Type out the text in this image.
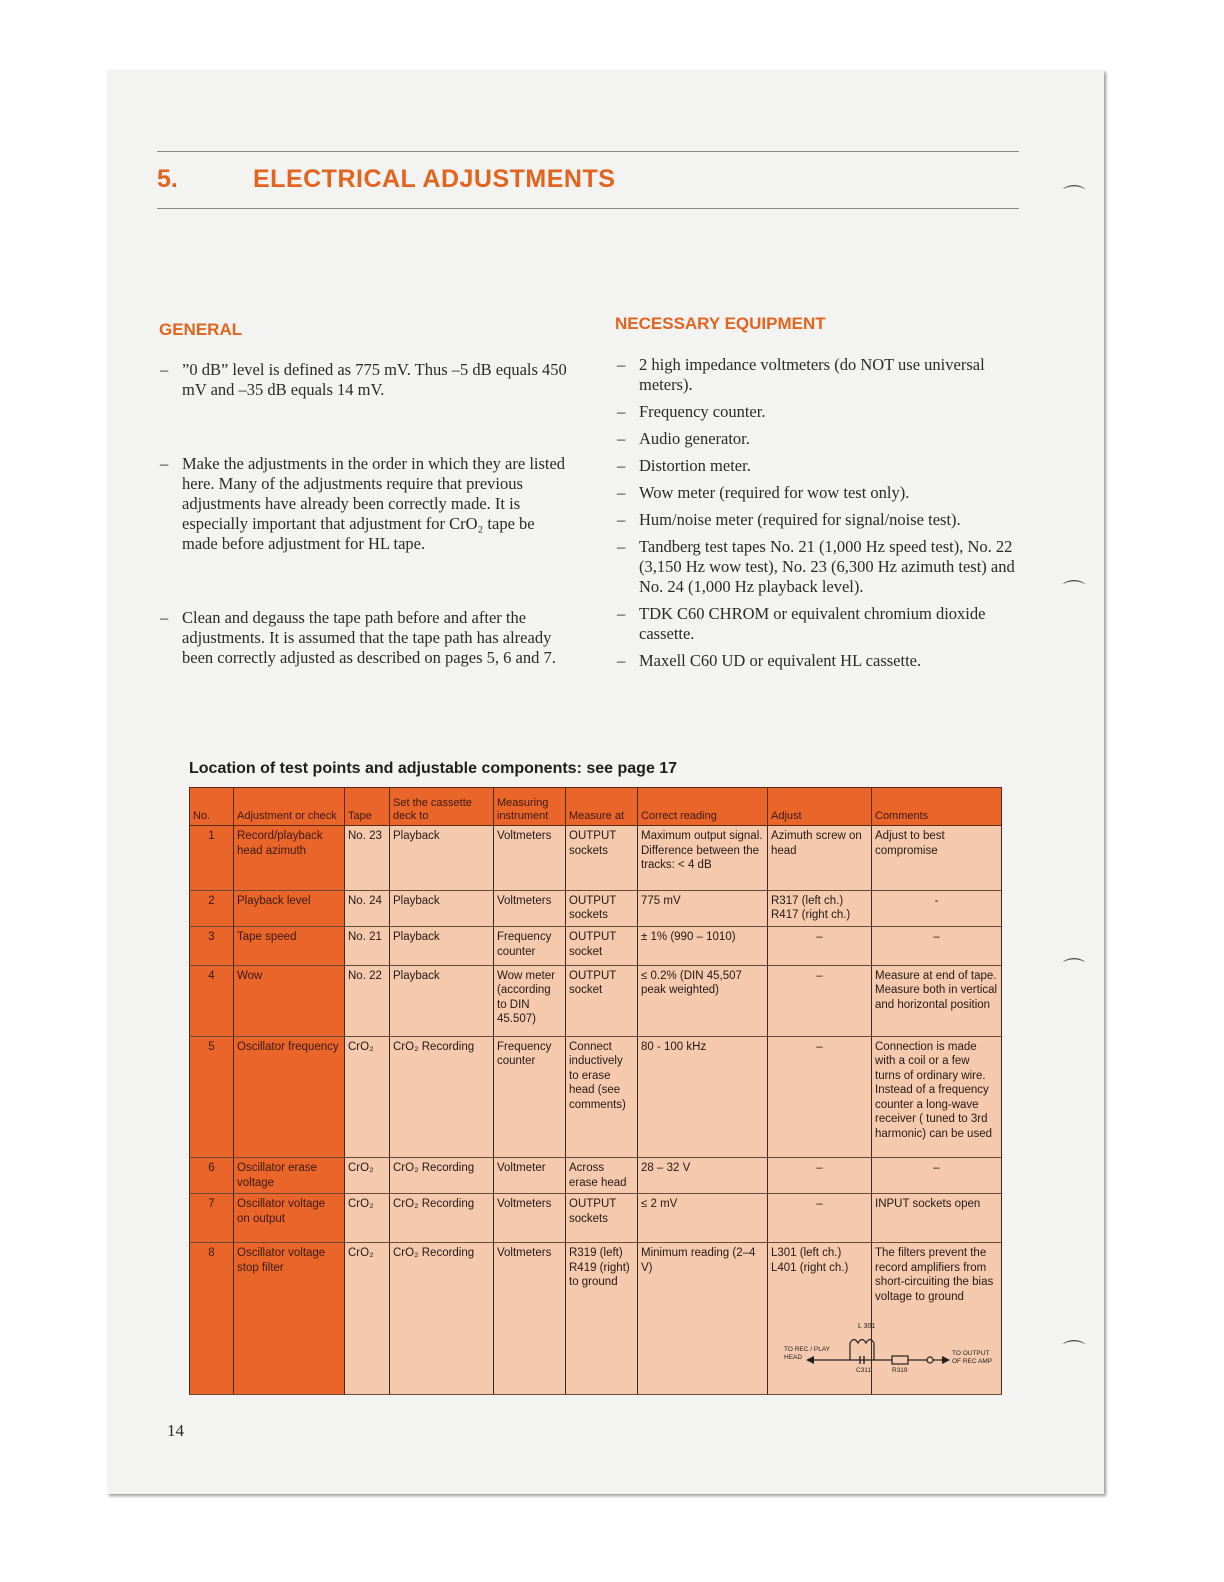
5.	ELECTRICAL ADJUSTMENTS
GENERAL
– ”0 dB” level is defined as 775 mV. Thus –5 dB equals 450 mV and –35 dB equals 14 mV.
– Make the adjustments in the order in which they are listed here. Many of the adjustments require that previous adjustments have already been correctly made. It is especially important that adjustment for CrO₂ tape be made before adjustment for HL tape.
– Clean and degauss the tape path before and after the adjustments. It is assumed that the tape path has already been correctly adjusted as described on pages 5, 6 and 7.
NECESSARY EQUIPMENT
– 2 high impedance voltmeters (do NOT use universal meters).
– Frequency counter.
– Audio generator.
– Distortion meter.
– Wow meter (required for wow test only).
– Hum/noise meter (required for signal/noise test).
– Tandberg test tapes No. 21 (1,000 Hz speed test), No. 22 (3,150 Hz wow test), No. 23 (6,300 Hz azimuth test) and No. 24 (1,000 Hz playback level).
– TDK C60 CHROM or equivalent chromium dioxide cassette.
– Maxell C60 UD or equivalent HL cassette.
Location of test points and adjustable components: see page 17
No.	Adjustment or check	Tape	Set the cassette deck to	Measuring instrument	Measure at	Correct reading	Adjust	Comments
1	Record/playback head azimuth	No. 23	Playback	Voltmeters	OUTPUT sockets	Maximum output signal. Difference between the tracks: < 4 dB	Azimuth screw on head	Adjust to best compromise
2	Playback level	No. 24	Playback	Voltmeters	OUTPUT sockets	775 mV	R317 (left ch.) R417 (right ch.)	-
3	Tape speed	No. 21	Playback	Frequency counter	OUTPUT socket	± 1% (990 – 1010)	–	–
4	Wow	No. 22	Playback	Wow meter (according to DIN 45.507)	OUTPUT socket	≤ 0.2% (DIN 45,507 peak weighted)	–	Measure at end of tape. Measure both in vertical and horizontal position
5	Oscillator frequency	CrO₂	CrO₂ Recording	Frequency counter	Connect inductively to erase head (see comments)	80 - 100 kHz	–	Connection is made with a coil or a few turns of ordinary wire. Instead of a frequency counter a long-wave receiver ( tuned to 3rd harmonic) can be used
6	Oscillator erase voltage	CrO₂	CrO₂ Recording	Voltmeter	Across erase head	28 – 32 V	–	–
7	Oscillator voltage on output	CrO₂	CrO₂ Recording	Voltmeters	OUTPUT sockets	≤ 2 mV	–	INPUT sockets open
8	Oscillator voltage stop filter	CrO₂	CrO₂ Recording	Voltmeters	R319 (left) R419 (right) to ground	Minimum reading (2–4 V)	L301 (left ch.) L401 (right ch.)	The filters prevent the record amplifiers from short-circuiting the bias voltage to ground
L 301
TO REC / PLAY HEAD
TO OUTPUT OF REC AMP
C311	R319
14
